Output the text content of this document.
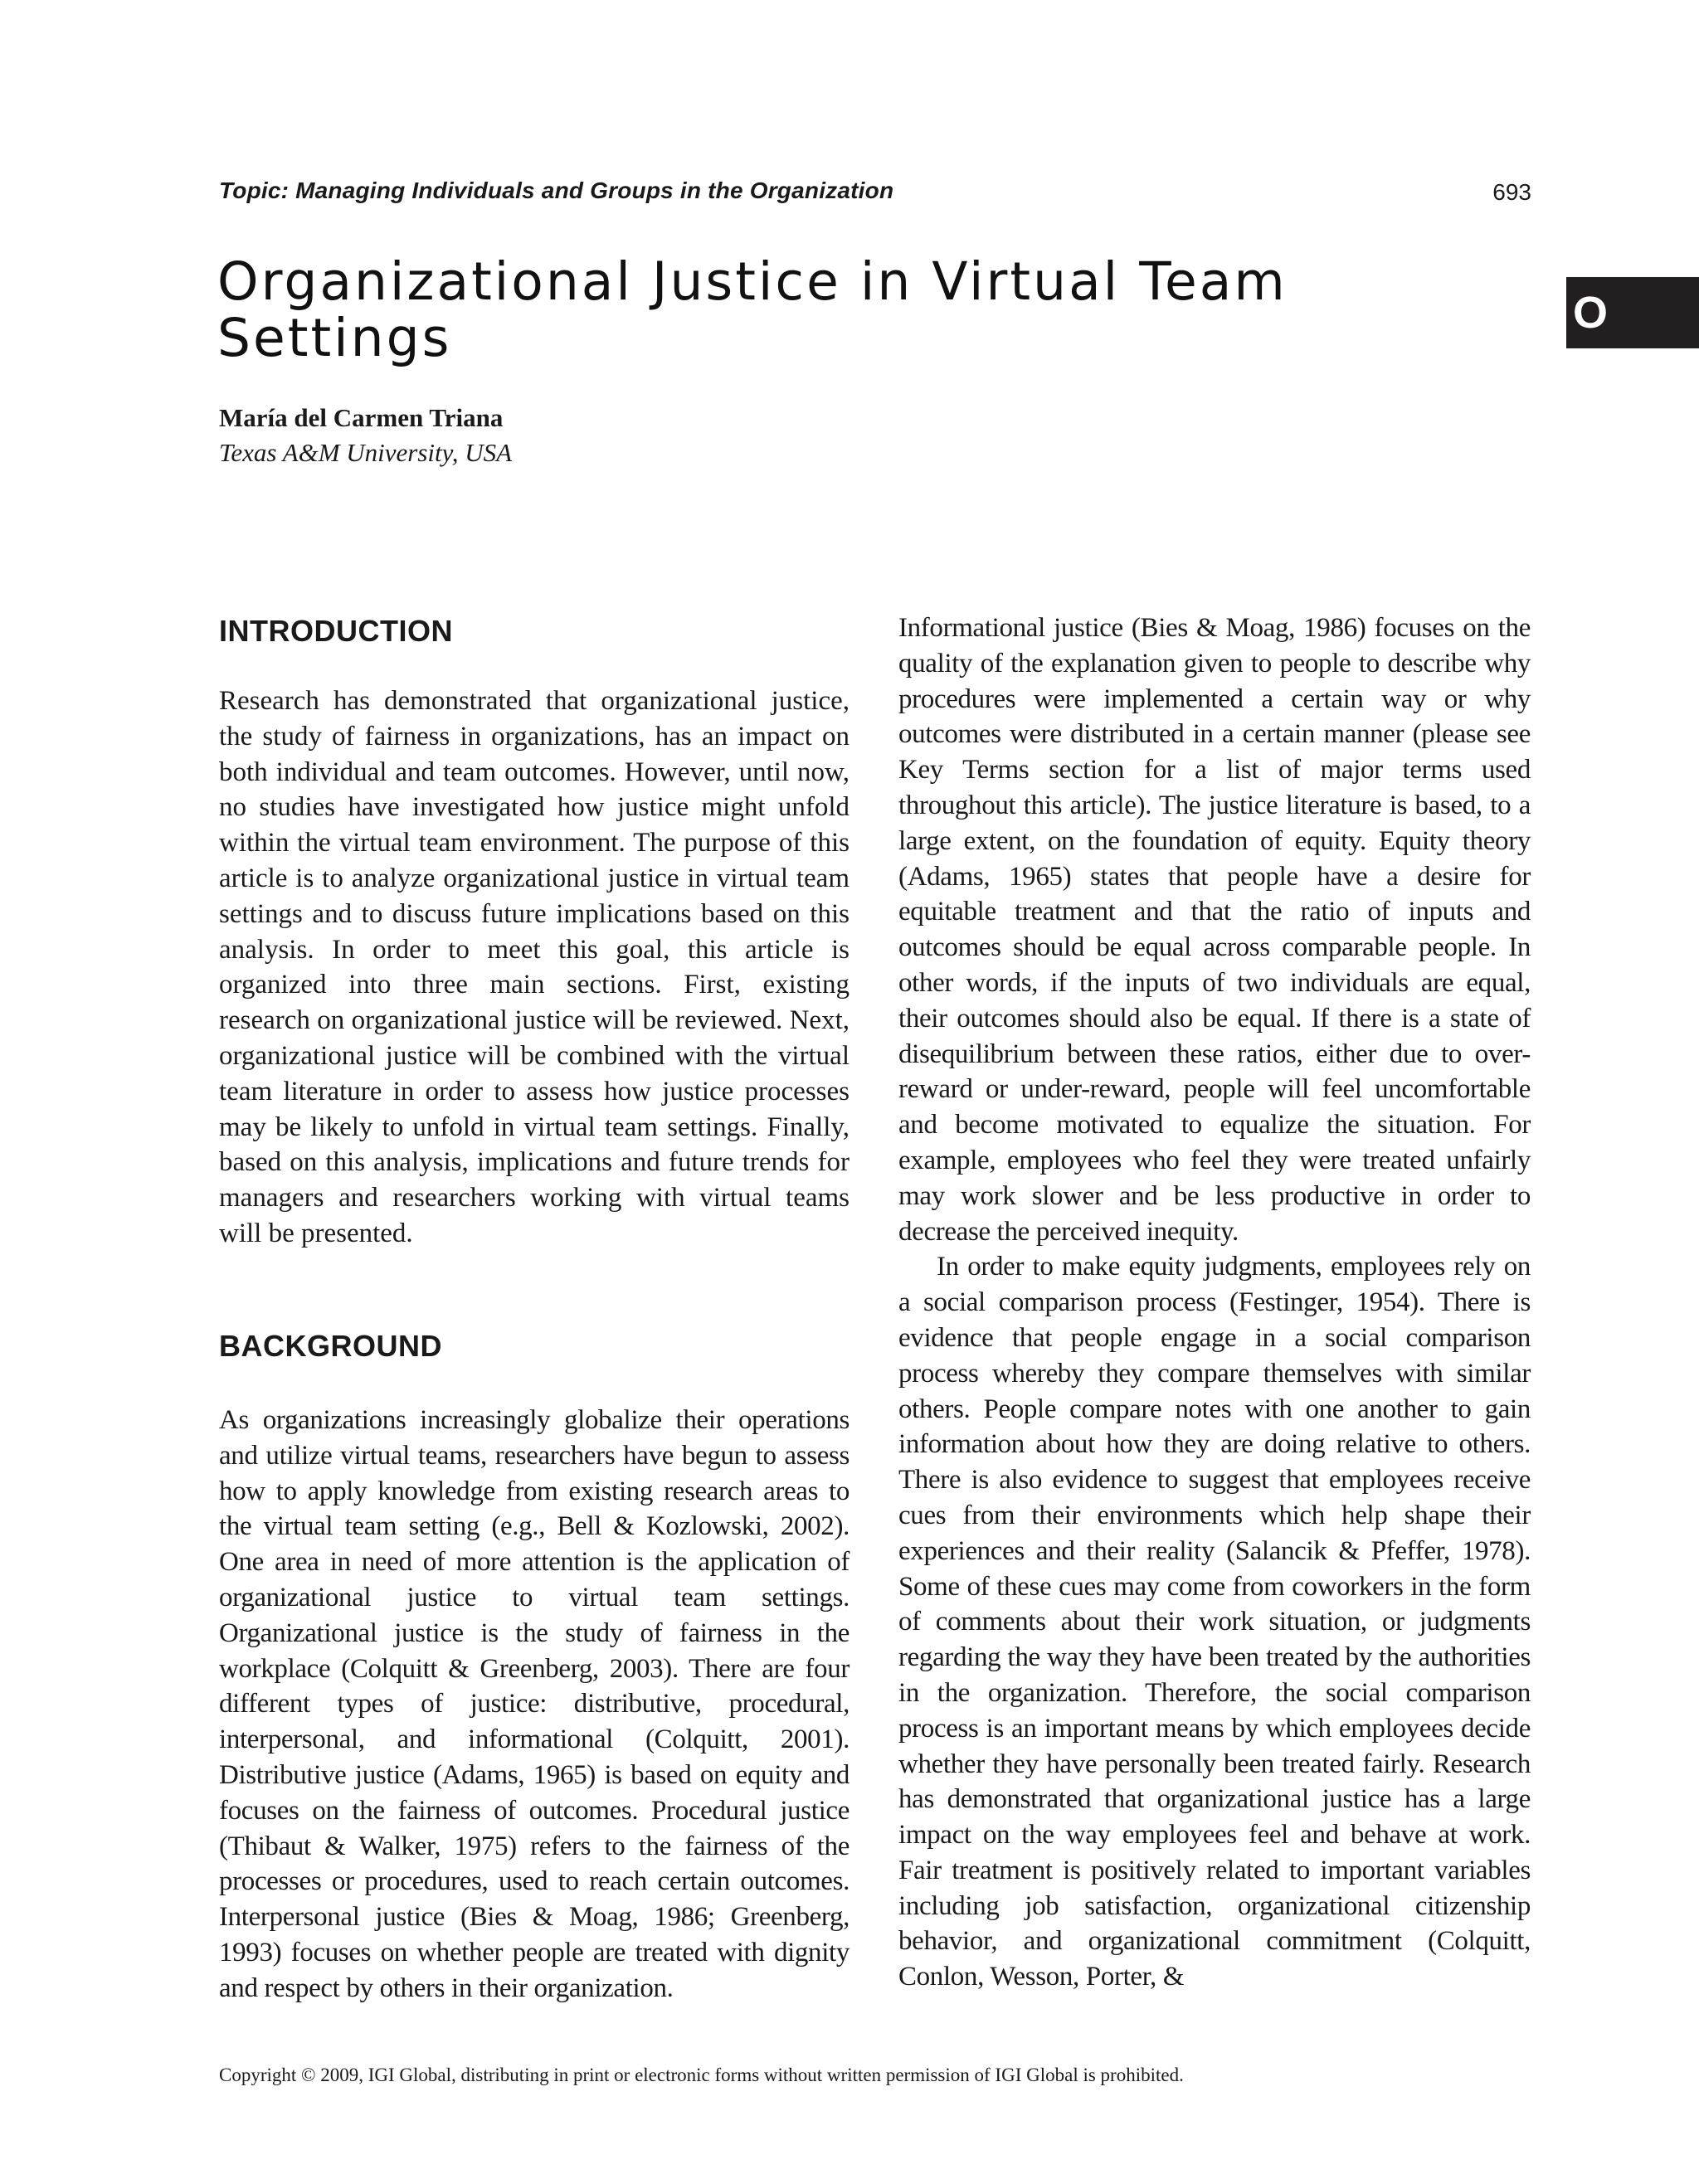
Topic: Managing Individuals and Groups in the Organization	693
O
Organizational Justice in Virtual Team Settings
María del Carmen Triana
Texas A&M University, USA
INTRODUCTION

Research has demonstrated that organizational justice, the study of fairness in organizations, has an impact on both individual and team outcomes. However, until now, no studies have investigated how justice might unfold within the virtual team environment. The purpose of this article is to analyze organizational justice in virtual team settings and to discuss future implications based on this analysis. In order to meet this goal, this article is organized into three main sections. First, existing research on organizational justice will be reviewed. Next, organizational justice will be combined with the virtual team literature in order to assess how justice processes may be likely to unfold in virtual team settings. Finally, based on this analysis, implications and future trends for managers and researchers working with virtual teams will be presented.

BACKGROUND

As organizations increasingly globalize their operations and utilize virtual teams, researchers have begun to assess how to apply knowledge from existing research areas to the virtual team setting (e.g., Bell & Kozlowski, 2002). One area in need of more attention is the application of organizational justice to virtual team settings. Organizational justice is the study of fairness in the workplace (Colquitt & Greenberg, 2003). There are four different types of justice: distributive, procedural, interpersonal, and informational (Colquitt, 2001). Distributive justice (Adams, 1965) is based on equity and focuses on the fairness of outcomes. Procedural justice (Thibaut & Walker, 1975) refers to the fairness of the processes or procedures, used to reach certain outcomes. Interpersonal justice (Bies & Moag, 1986; Greenberg, 1993) focuses on whether people are treated with dignity and respect by others in their organization.

Informational justice (Bies & Moag, 1986) focuses on the quality of the explanation given to people to describe why procedures were implemented a certain way or why outcomes were distributed in a certain manner (please see Key Terms section for a list of major terms used throughout this article). The justice literature is based, to a large extent, on the foundation of equity. Equity theory (Adams, 1965) states that people have a desire for equitable treatment and that the ratio of inputs and outcomes should be equal across comparable people. In other words, if the inputs of two individuals are equal, their outcomes should also be equal. If there is a state of disequilibrium between these ratios, either due to over-reward or under-reward, people will feel uncomfortable and become motivated to equalize the situation. For example, employees who feel they were treated unfairly may work slower and be less productive in order to decrease the perceived inequity.

In order to make equity judgments, employees rely on a social comparison process (Festinger, 1954). There is evidence that people engage in a social comparison process whereby they compare themselves with similar others. People compare notes with one another to gain information about how they are doing relative to others. There is also evidence to suggest that employees receive cues from their environments which help shape their experiences and their reality (Salancik & Pfeffer, 1978). Some of these cues may come from coworkers in the form of comments about their work situation, or judgments regarding the way they have been treated by the authorities in the organization. Therefore, the social comparison process is an important means by which employees decide whether they have personally been treated fairly. Research has demonstrated that organizational justice has a large impact on the way employees feel and behave at work. Fair treatment is positively related to important variables including job satisfaction, organizational citizenship behavior, and organizational commitment (Colquitt, Conlon, Wesson, Porter, &

Copyright © 2009, IGI Global, distributing in print or electronic forms without written permission of IGI Global is prohibited.
